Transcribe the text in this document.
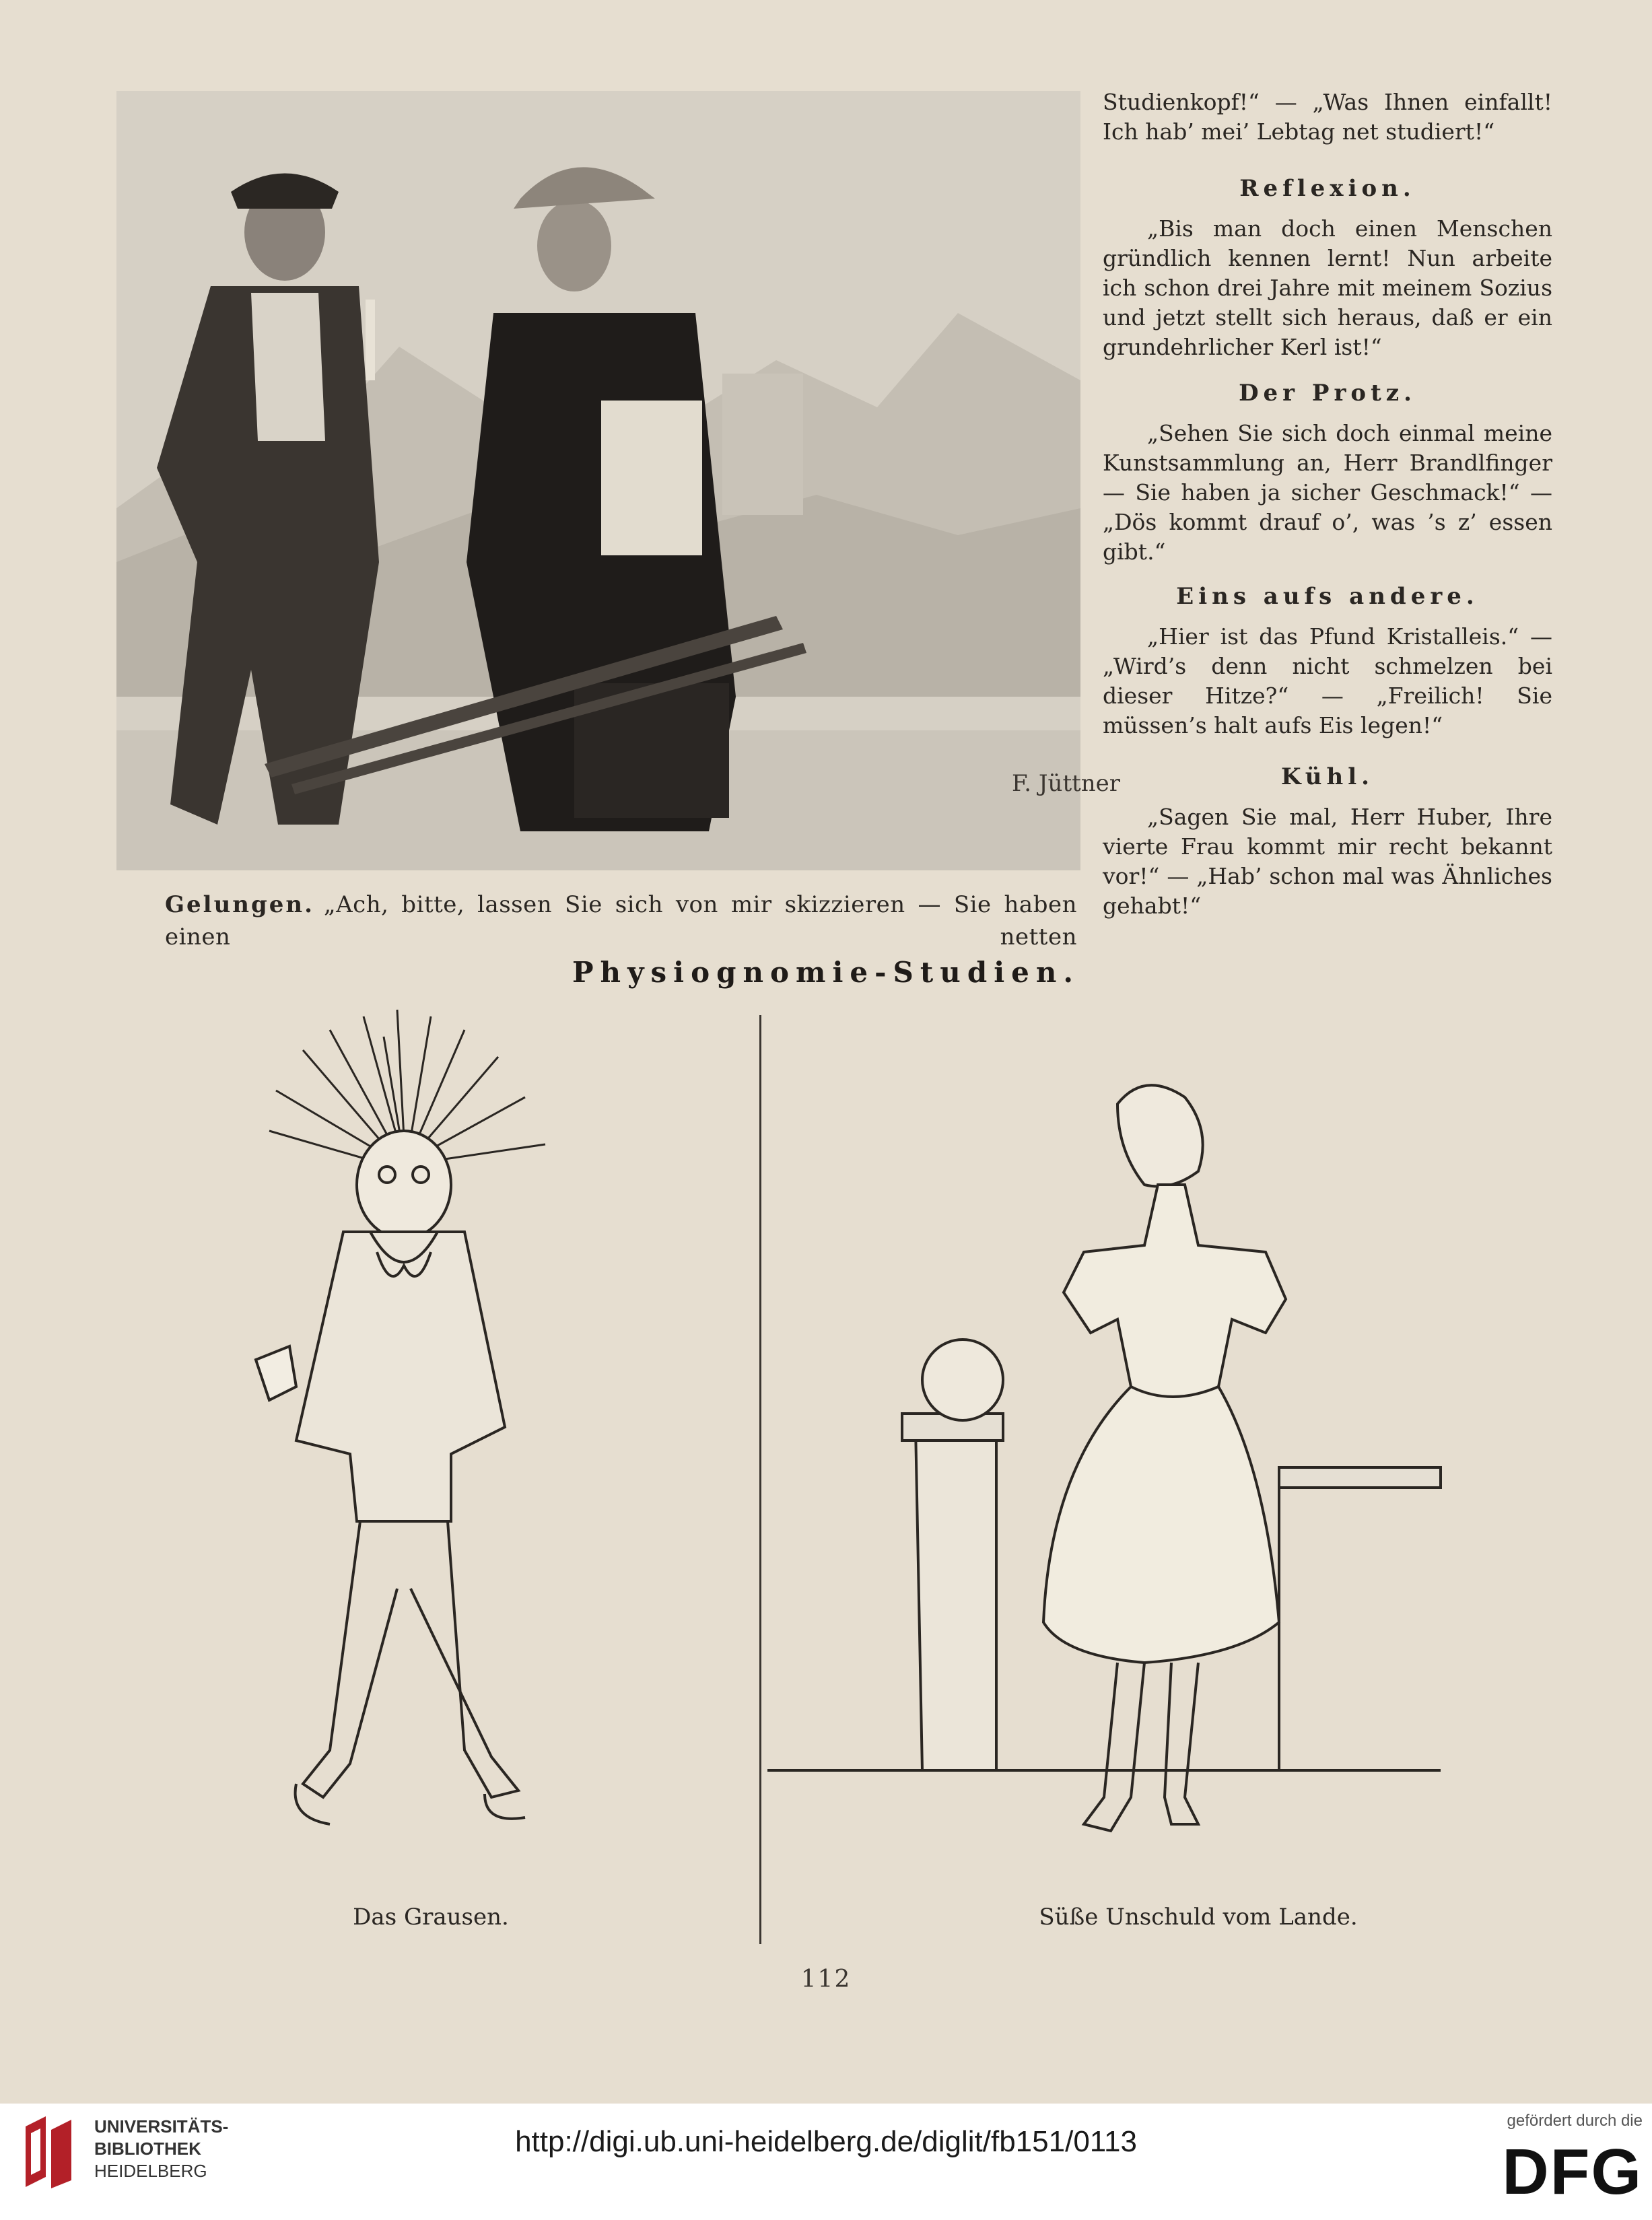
F. Jüttner
Gelungen. „Ach, bitte, lassen Sie sich von mir skizzieren — Sie haben einen netten

Studienkopf!“ — „Was Ihnen einfallt! Ich hab’ mei’ Lebtag net studiert!“

Reflexion.

„Bis man doch einen Menschen gründlich kennen lernt! Nun arbeite ich schon drei Jahre mit meinem Sozius und jetzt stellt sich heraus, daß er ein grundehrlicher Kerl ist!“

Der Protz.

„Sehen Sie sich doch einmal meine Kunstsammlung an, Herr Brandlfinger — Sie haben ja sicher Geschmack!“ — „Dös kommt drauf o’, was ’s z’ essen gibt.“

Eins aufs andere.

„Hier ist das Pfund Kristalleis.“ — „Wird’s denn nicht schmelzen bei dieser Hitze?“ — „Freilich! Sie müssen’s halt aufs Eis legen!“

Kühl.

„Sagen Sie mal, Herr Huber, Ihre vierte Frau kommt mir recht bekannt vor!“ — „Hab’ schon mal was Ähnliches gehabt!“

Physiognomie-Studien.
Das Grausen.	Süße Unschuld vom Lande.
112
UNIVERSITÄTS-
BIBLIOTHEK
HEIDELBERG
http://digi.ub.uni-heidelberg.de/diglit/fb151/0113
gefördert durch die
DFG
